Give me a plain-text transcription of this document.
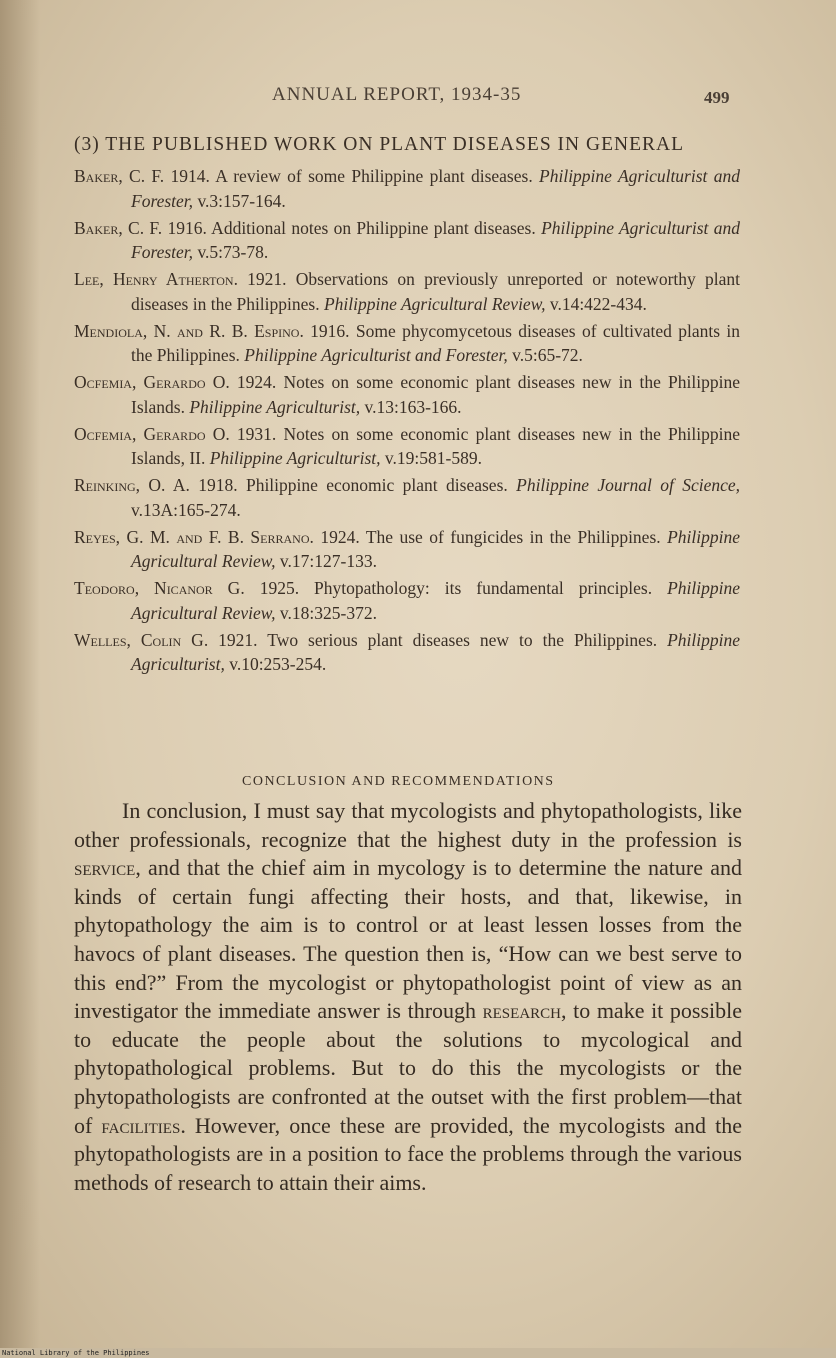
ANNUAL REPORT, 1934-35	499
(3) THE PUBLISHED WORK ON PLANT DISEASES IN GENERAL
Baker, C. F. 1914. A review of some Philippine plant diseases. Philippine Agriculturist and Forester, v.3:157-164.
Baker, C. F. 1916. Additional notes on Philippine plant diseases. Philippine Agriculturist and Forester, v.5:73-78.
Lee, Henry Atherton. 1921. Observations on previously unreported or noteworthy plant diseases in the Philippines. Philippine Agricultural Review, v.14:422-434.
Mendiola, N. and R. B. Espino. 1916. Some phycomycetous diseases of cultivated plants in the Philippines. Philippine Agriculturist and Forester, v.5:65-72.
Ocfemia, Gerardo O. 1924. Notes on some economic plant diseases new in the Philippine Islands. Philippine Agriculturist, v.13:163-166.
Ocfemia, Gerardo O. 1931. Notes on some economic plant diseases new in the Philippine Islands, II. Philippine Agriculturist, v.19:581-589.
Reinking, O. A. 1918. Philippine economic plant diseases. Philippine Journal of Science, v.13A:165-274.
Reyes, G. M. and F. B. Serrano. 1924. The use of fungicides in the Philippines. Philippine Agricultural Review, v.17:127-133.
Teodoro, Nicanor G. 1925. Phytopathology: its fundamental principles. Philippine Agricultural Review, v.18:325-372.
Welles, Colin G. 1921. Two serious plant diseases new to the Philippines. Philippine Agriculturist, v.10:253-254.
CONCLUSION AND RECOMMENDATIONS

In conclusion, I must say that mycologists and phytopathologists, like other professionals, recognize that the highest duty in the profession is service, and that the chief aim in mycology is to determine the nature and kinds of certain fungi affecting their hosts, and that, likewise, in phytopathology the aim is to control or at least lessen losses from the havocs of plant diseases. The question then is, “How can we best serve to this end?” From the mycologist or phytopathologist point of view as an investigator the immediate answer is through research, to make it possible to educate the people about the solutions to mycological and phytopathological problems. But to do this the mycologists or the phytopathologists are confronted at the outset with the first problem—that of facilities. However, once these are provided, the mycologists and the phytopathologists are in a position to face the problems through the various methods of research to attain their aims.

National Library of the Philippines
